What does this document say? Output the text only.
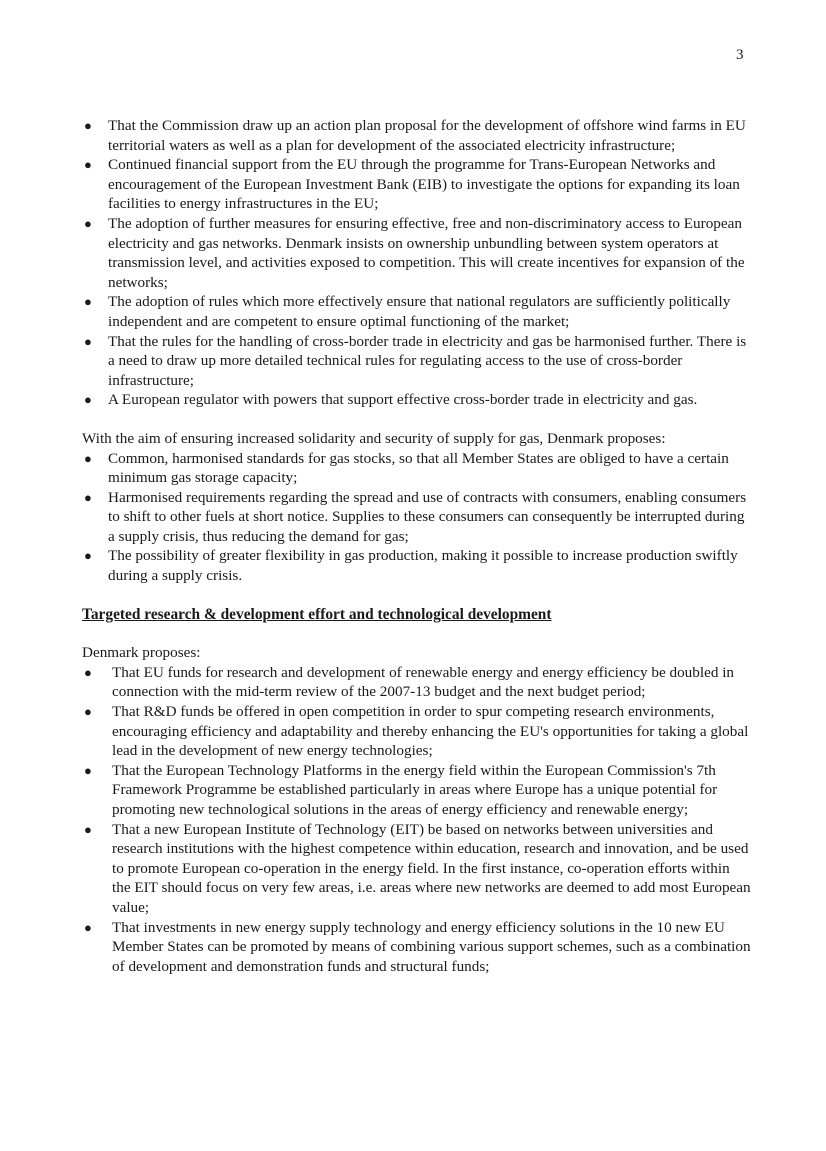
3
● That the Commission draw up an action plan proposal for the development of offshore wind farms in EU territorial waters as well as a plan for development of the associated electricity infrastructure;
● Continued financial support from the EU through the programme for Trans-European Networks and encouragement of the European Investment Bank (EIB) to investigate the options for expanding its loan facilities to energy infrastructures in the EU;
● The adoption of further measures for ensuring effective, free and non-discriminatory access to European electricity and gas networks. Denmark insists on ownership unbundling between system operators at transmission level, and activities exposed to competition. This will create incentives for expansion of the networks;
● The adoption of rules which more effectively ensure that national regulators are sufficiently politically independent and are competent to ensure optimal functioning of the market;
● That the rules for the handling of cross-border trade in electricity and gas be harmonised further. There is a need to draw up more detailed technical rules for regulating access to the use of cross-border infrastructure;
● A European regulator with powers that support effective cross-border trade in electricity and gas.

With the aim of ensuring increased solidarity and security of supply for gas, Denmark proposes:

● Common, harmonised standards for gas stocks, so that all Member States are obliged to have a certain minimum gas storage capacity;
● Harmonised requirements regarding the spread and use of contracts with consumers, enabling consumers to shift to other fuels at short notice. Supplies to these consumers can consequently be interrupted during a supply crisis, thus reducing the demand for gas;
● The possibility of greater flexibility in gas production, making it possible to increase production swiftly during a supply crisis.

Targeted research & development effort and technological development

Denmark proposes:

● That EU funds for research and development of renewable energy and energy efficiency be doubled in connection with the mid-term review of the 2007-13 budget and the next budget period;
● That R&D funds be offered in open competition in order to spur competing research environments, encouraging efficiency and adaptability and thereby enhancing the EU's opportunities for taking a global lead in the development of new energy technologies;
● That the European Technology Platforms in the energy field within the European Commission's 7th Framework Programme be established particularly in areas where Europe has a unique potential for promoting new technological solutions in the areas of energy efficiency and renewable energy;
● That a new European Institute of Technology (EIT) be based on networks between universities and research institutions with the highest competence within education, research and innovation, and be used to promote European co-operation in the energy field. In the first instance, co-operation efforts within the EIT should focus on very few areas, i.e. areas where new networks are deemed to add most European value;
● That investments in new energy supply technology and energy efficiency solutions in the 10 new EU Member States can be promoted by means of combining various support schemes, such as a combination of development and demonstration funds and structural funds;
